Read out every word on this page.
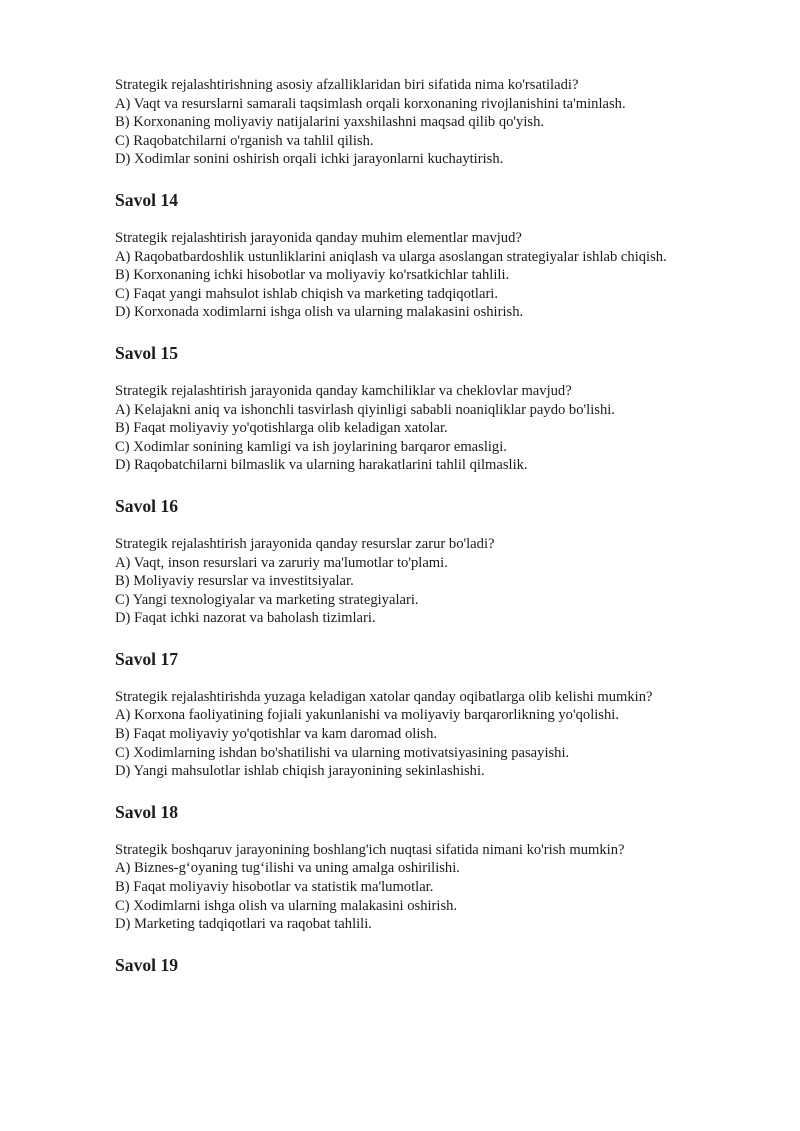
Strategik rejalashtirishning asosiy afzalliklaridan biri sifatida nima ko'rsatiladi?

A) Vaqt va resurslarni samarali taqsimlash orqali korxonaning rivojlanishini ta'minlash.

B) Korxonaning moliyaviy natijalarini yaxshilashni maqsad qilib qo'yish.

C) Raqobatchilarni o'rganish va tahlil qilish.

D) Xodimlar sonini oshirish orqali ichki jarayonlarni kuchaytirish.

Savol 14

Strategik rejalashtirish jarayonida qanday muhim elementlar mavjud?

A) Raqobatbardoshlik ustunliklarini aniqlash va ularga asoslangan strategiyalar ishlab chiqish.

B) Korxonaning ichki hisobotlar va moliyaviy ko'rsatkichlar tahlili.

C) Faqat yangi mahsulot ishlab chiqish va marketing tadqiqotlari.

D) Korxonada xodimlarni ishga olish va ularning malakasini oshirish.

Savol 15

Strategik rejalashtirish jarayonida qanday kamchiliklar va cheklovlar mavjud?

A) Kelajakni aniq va ishonchli tasvirlash qiyinligi sababli noaniqliklar paydo bo'lishi.

B) Faqat moliyaviy yo'qotishlarga olib keladigan xatolar.

C) Xodimlar sonining kamligi va ish joylarining barqaror emasligi.

D) Raqobatchilarni bilmaslik va ularning harakatlarini tahlil qilmaslik.

Savol 16

Strategik rejalashtirish jarayonida qanday resurslar zarur bo'ladi?

A) Vaqt, inson resurslari va zaruriy ma'lumotlar to'plami.

B) Moliyaviy resurslar va investitsiyalar.

C) Yangi texnologiyalar va marketing strategiyalari.

D) Faqat ichki nazorat va baholash tizimlari.

Savol 17

Strategik rejalashtirishda yuzaga keladigan xatolar qanday oqibatlarga olib kelishi mumkin?

A) Korxona faoliyatining fojiali yakunlanishi va moliyaviy barqarorlikning yo'qolishi.

B) Faqat moliyaviy yo'qotishlar va kam daromad olish.

C) Xodimlarning ishdan bo'shatilishi va ularning motivatsiyasining pasayishi.

D) Yangi mahsulotlar ishlab chiqish jarayonining sekinlashishi.

Savol 18

Strategik boshqaruv jarayonining boshlang'ich nuqtasi sifatida nimani ko'rish mumkin?

A) Biznes-g‘oyaning tug‘ilishi va uning amalga oshirilishi.

B) Faqat moliyaviy hisobotlar va statistik ma'lumotlar.

C) Xodimlarni ishga olish va ularning malakasini oshirish.

D) Marketing tadqiqotlari va raqobat tahlili.

Savol 19
